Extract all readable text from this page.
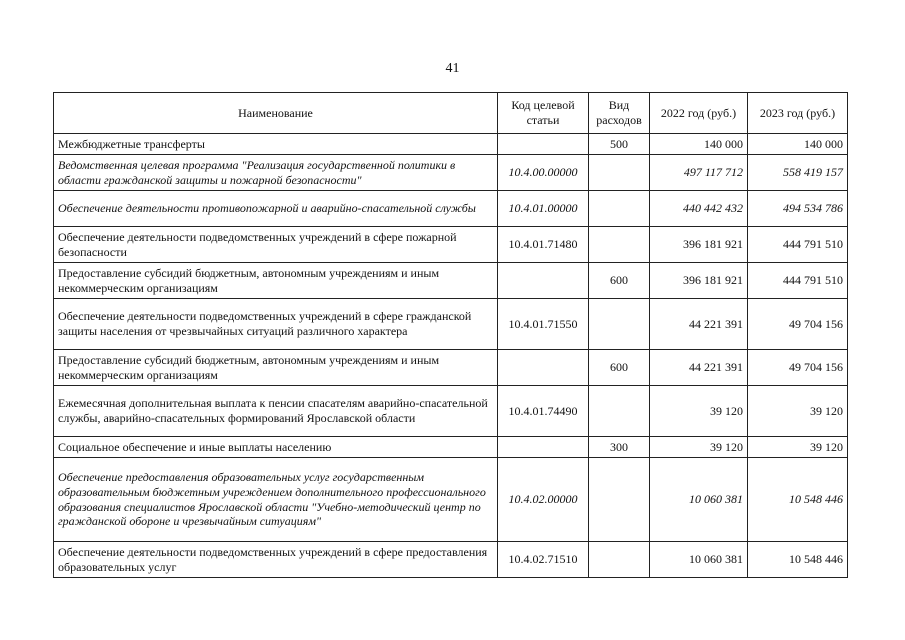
41
Наименование	Код целевой статьи	Вид расходов	2022 год (руб.)	2023 год (руб.)
Межбюджетные трансферты		500	140 000	140 000
Ведомственная целевая программа "Реализация государственной политики в области гражданской защиты и пожарной безопасности"	10.4.00.00000		497 117 712	558 419 157
Обеспечение деятельности противопожарной и аварийно-спасательной службы	10.4.01.00000		440 442 432	494 534 786
Обеспечение деятельности подведомственных учреждений в сфере пожарной безопасности	10.4.01.71480		396 181 921	444 791 510
Предоставление субсидий бюджетным, автономным учреждениям и иным некоммерческим организациям		600	396 181 921	444 791 510
Обеспечение деятельности подведомственных учреждений в сфере гражданской защиты населения от чрезвычайных ситуаций различного характера	10.4.01.71550		44 221 391	49 704 156
Предоставление субсидий бюджетным, автономным учреждениям и иным некоммерческим организациям		600	44 221 391	49 704 156
Ежемесячная дополнительная выплата к пенсии спасателям аварийно-спасательной службы, аварийно-спасательных формирований Ярославской области	10.4.01.74490		39 120	39 120
Социальное обеспечение и иные выплаты населению		300	39 120	39 120
Обеспечение предоставления образовательных услуг государственным образовательным бюджетным учреждением дополнительного профессионального образования специалистов Ярославской области "Учебно-методический центр по гражданской обороне и чрезвычайным ситуациям"	10.4.02.00000		10 060 381	10 548 446
Обеспечение деятельности подведомственных учреждений в сфере предоставления образовательных услуг	10.4.02.71510		10 060 381	10 548 446
